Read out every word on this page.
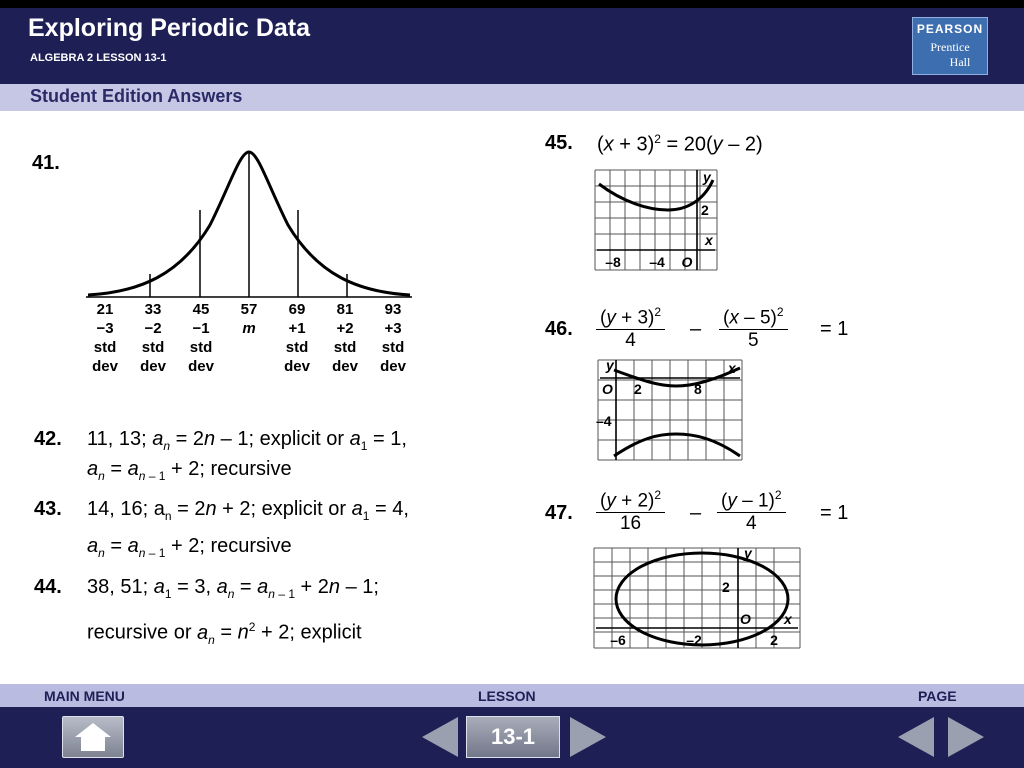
Exploring Periodic Data
ALGEBRA 2 LESSON 13-1
PEARSON
Prentice
Hall
Student Edition Answers
41.
21 33 45 57 69 81 93
−3 −2 −1 m +1 +2 +3
std std std	std std std
dev dev dev	dev dev dev
42. 11, 13; $a_n = 2n - 1$; explicit or $a_1 = 1$,
$a_n = a_{n - 1} + 2$; recursive
43. 14, 16; $a_n = 2n + 2$; explicit or $a_1 = 4$,
$a_n = a_{n - 1} + 2$; recursive
44. 38, 51; $a_1 = 3$, $a_n = a_{n - 1} + 2n - 1$;
recursive or $a_n = n^2 + 2$; explicit
45. $(x + 3)^2 = 20(y - 2)$
y
2
x
–8 –4 O
46. $\frac{(y + 3)^2}{4} - \frac{(x - 5)^2}{5} = 1$
y	x
O 2	8
–4
47. $\frac{(y + 2)^2}{16} - \frac{(y - 1)^2}{4} = 1$
y
2
O x
–6	–2	2
MAIN MENU	LESSON	PAGE
13-1
